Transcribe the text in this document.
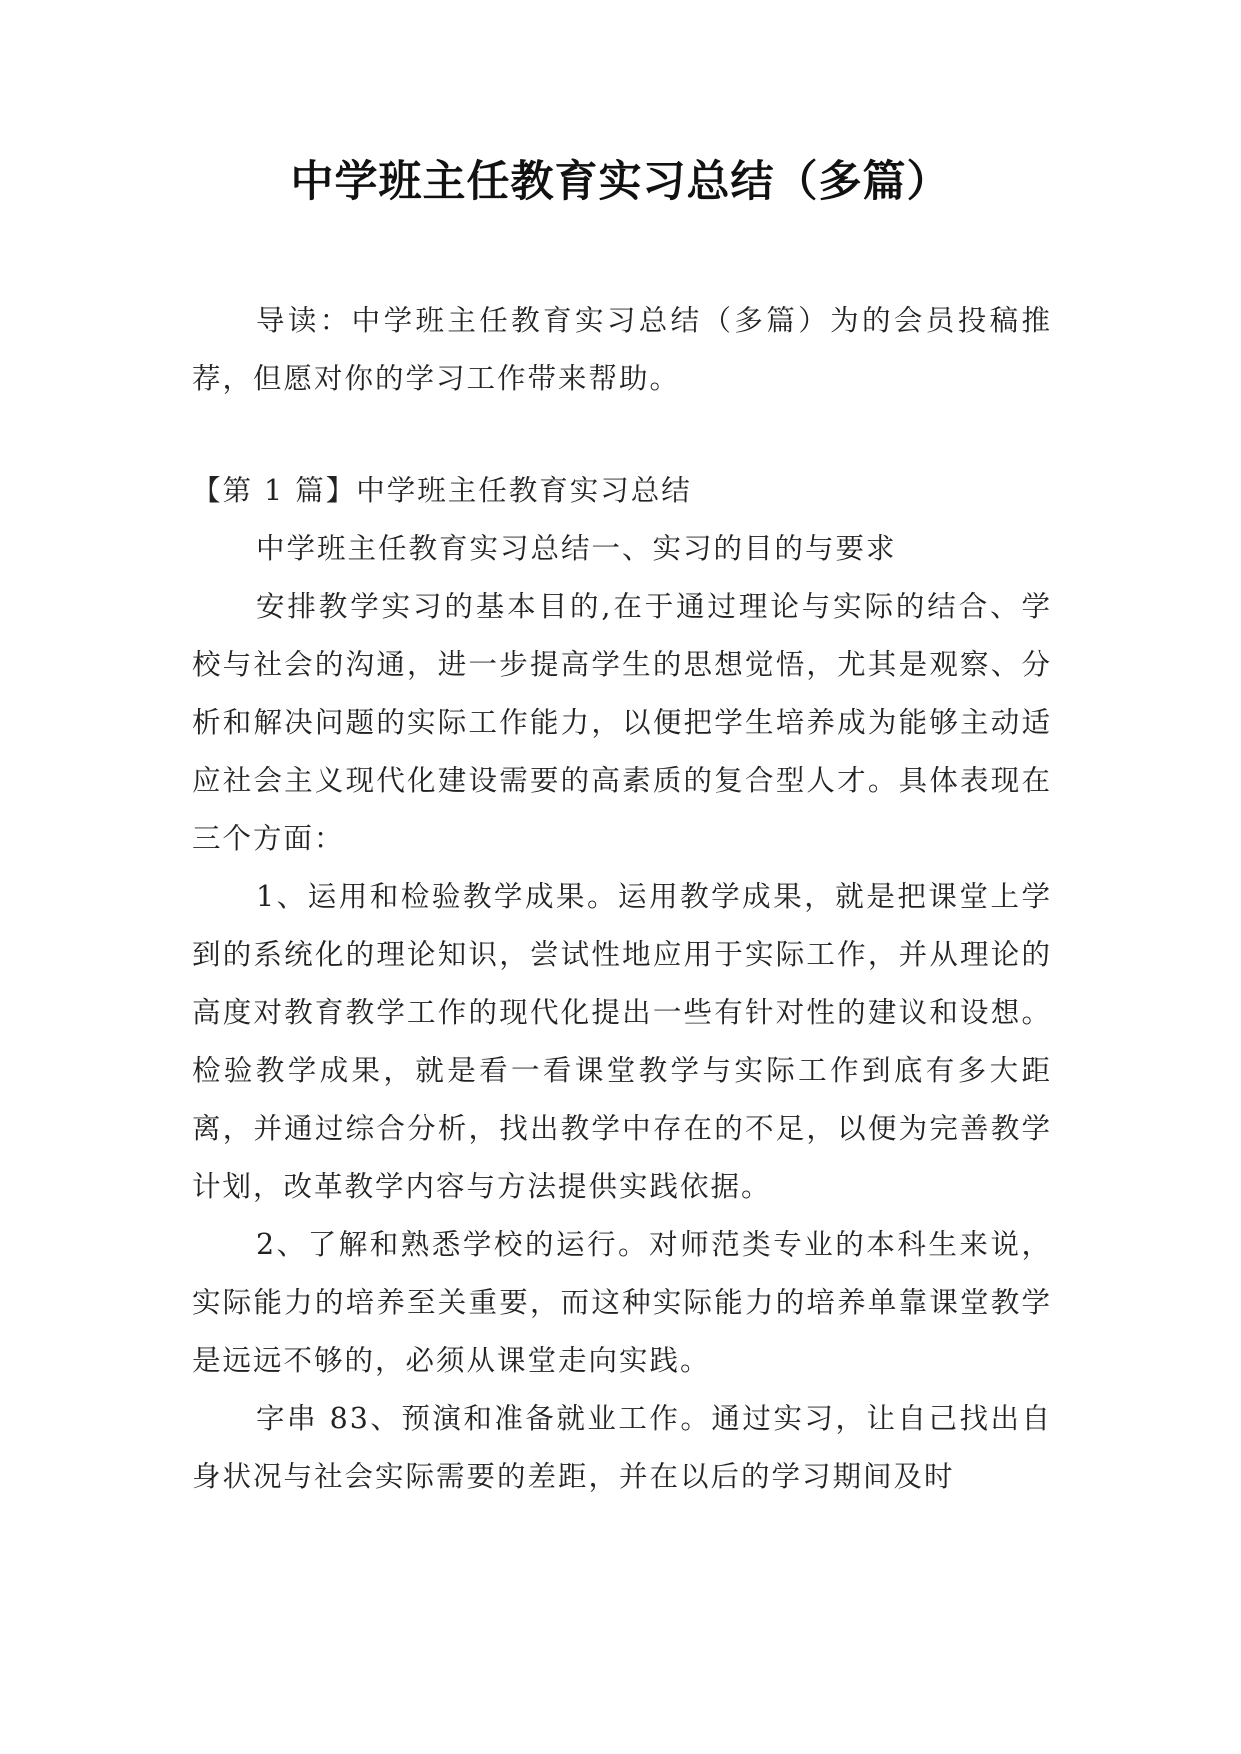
中学班主任教育实习总结（多篇）

导读：中学班主任教育实习总结（多篇）为的会员投稿推荐，但愿对你的学习工作带来帮助。

【第 1 篇】中学班主任教育实习总结

中学班主任教育实习总结一、实习的目的与要求

安排教学实习的基本目的,在于通过理论与实际的结合、学校与社会的沟通，进一步提高学生的思想觉悟，尤其是观察、分析和解决问题的实际工作能力，以便把学生培养成为能够主动适应社会主义现代化建设需要的高素质的复合型人才。具体表现在三个方面：

1、运用和检验教学成果。运用教学成果，就是把课堂上学到的系统化的理论知识，尝试性地应用于实际工作，并从理论的高度对教育教学工作的现代化提出一些有针对性的建议和设想。检验教学成果，就是看一看课堂教学与实际工作到底有多大距离，并通过综合分析，找出教学中存在的不足，以便为完善教学计划，改革教学内容与方法提供实践依据。

2、了解和熟悉学校的运行。对师范类专业的本科生来说，实际能力的培养至关重要，而这种实际能力的培养单靠课堂教学是远远不够的，必须从课堂走向实践。

字串 83、预演和准备就业工作。通过实习，让自己找出自身状况与社会实际需要的差距，并在以后的学习期间及时
